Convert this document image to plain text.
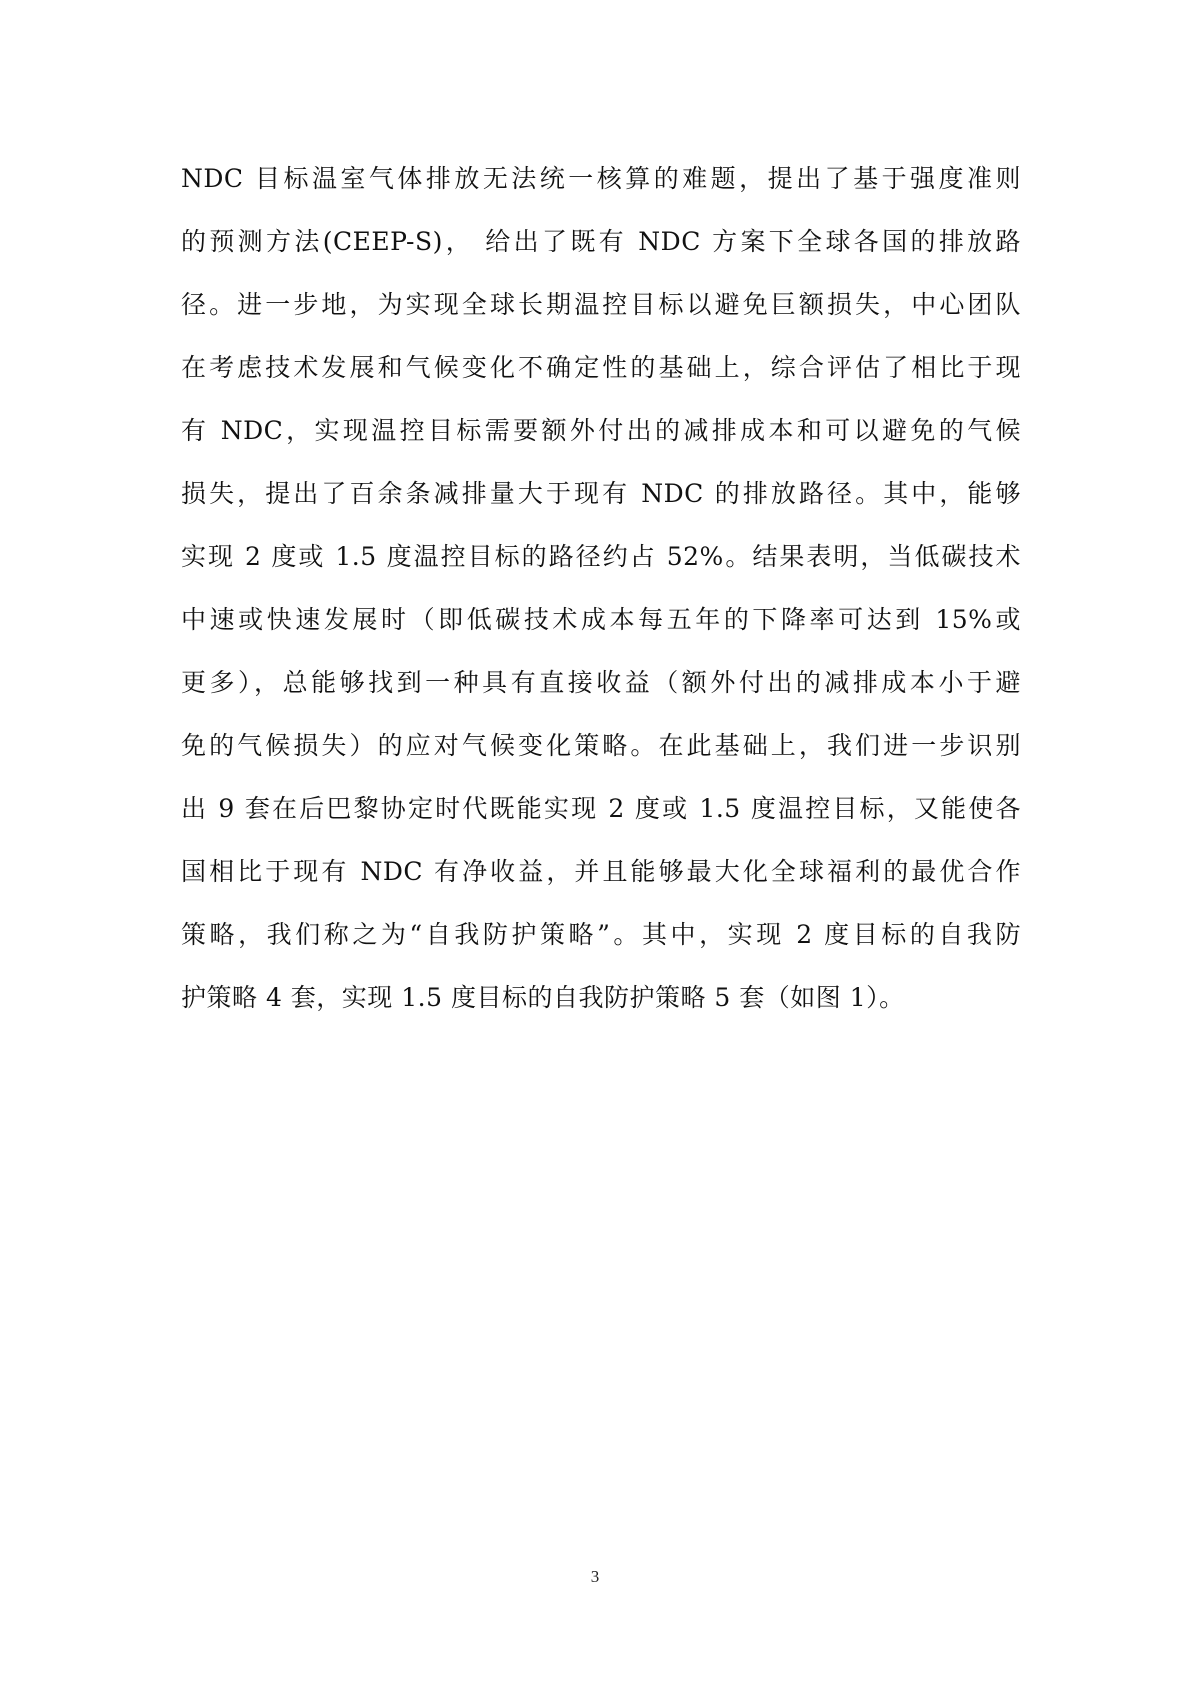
NDC 目标温室气体排放无法统一核算的难题，提出了基于强度准则
的预测方法(CEEP-S)， 给出了既有 NDC 方案下全球各国的排放路
径。进一步地，为实现全球长期温控目标以避免巨额损失，中心团队
在考虑技术发展和气候变化不确定性的基础上，综合评估了相比于现
有 NDC，实现温控目标需要额外付出的减排成本和可以避免的气候
损失，提出了百余条减排量大于现有 NDC 的排放路径。其中，能够
实现 2 度或 1.5 度温控目标的路径约占 52%。结果表明，当低碳技术
中速或快速发展时（即低碳技术成本每五年的下降率可达到 15%或
更多），总能够找到一种具有直接收益（额外付出的减排成本小于避
免的气候损失）的应对气候变化策略。在此基础上，我们进一步识别
出 9 套在后巴黎协定时代既能实现 2 度或 1.5 度温控目标，又能使各
国相比于现有 NDC 有净收益，并且能够最大化全球福利的最优合作
策略，我们称之为“自我防护策略”。其中，实现 2 度目标的自我防
护策略 4 套，实现 1.5 度目标的自我防护策略 5 套（如图 1）。
3
